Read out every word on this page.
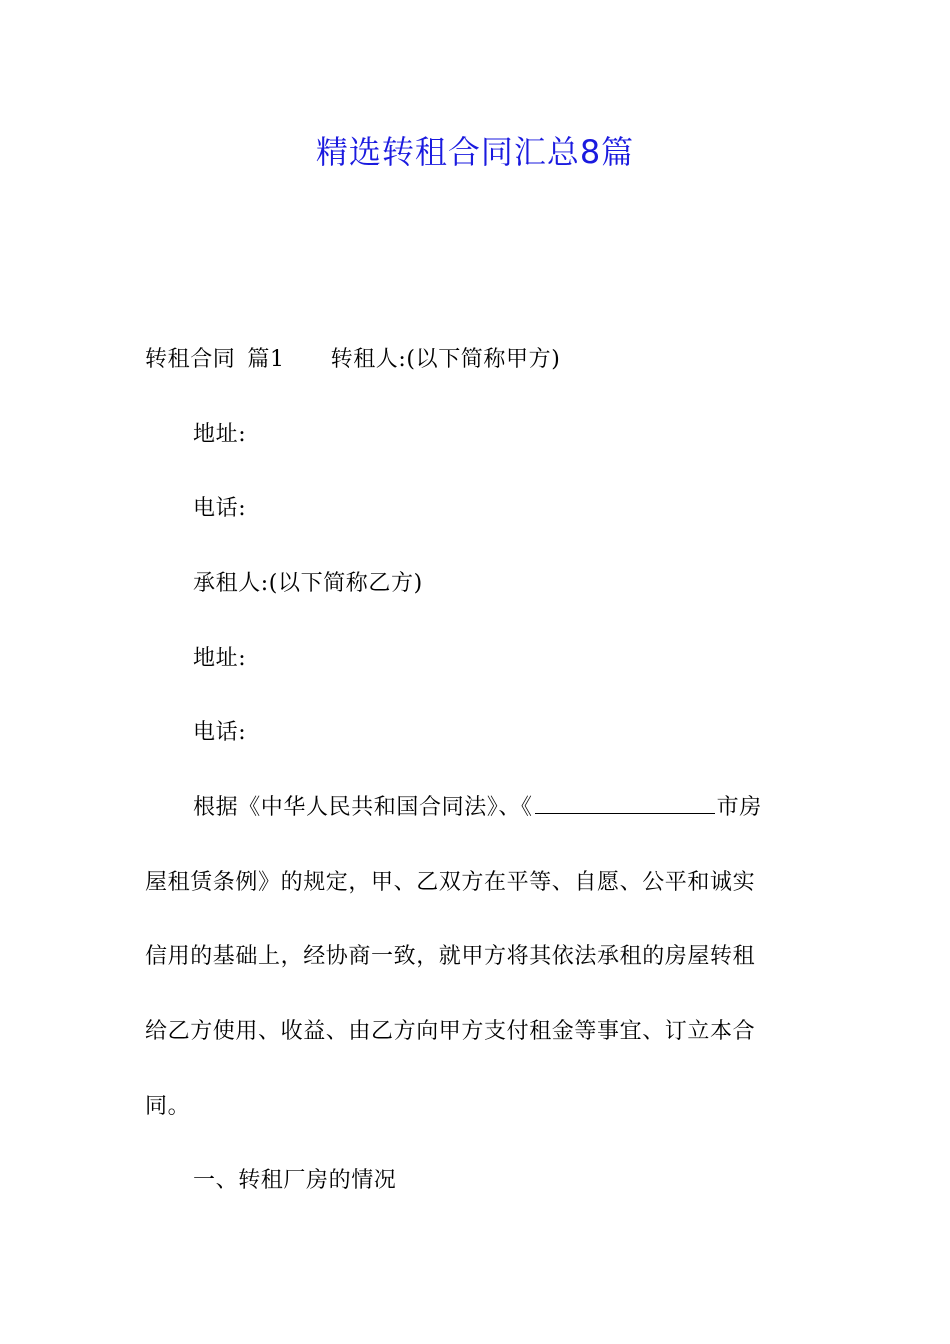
精选转租合同汇总8篇
转租合同 篇1 转租人:(以下简称甲方)
地址:
电话:
承租人:(以下简称乙方)
地址:
电话:
根据《中华人民共和国合同法》、《	市房
屋租赁条例》的规定，甲、乙双方在平等、自愿、公平和诚实
信用的基础上，经协商一致，就甲方将其依法承租的房屋转租
给乙方使用、收益、由乙方向甲方支付租金等事宜、订立本合
同。
一、转租厂房的情况
